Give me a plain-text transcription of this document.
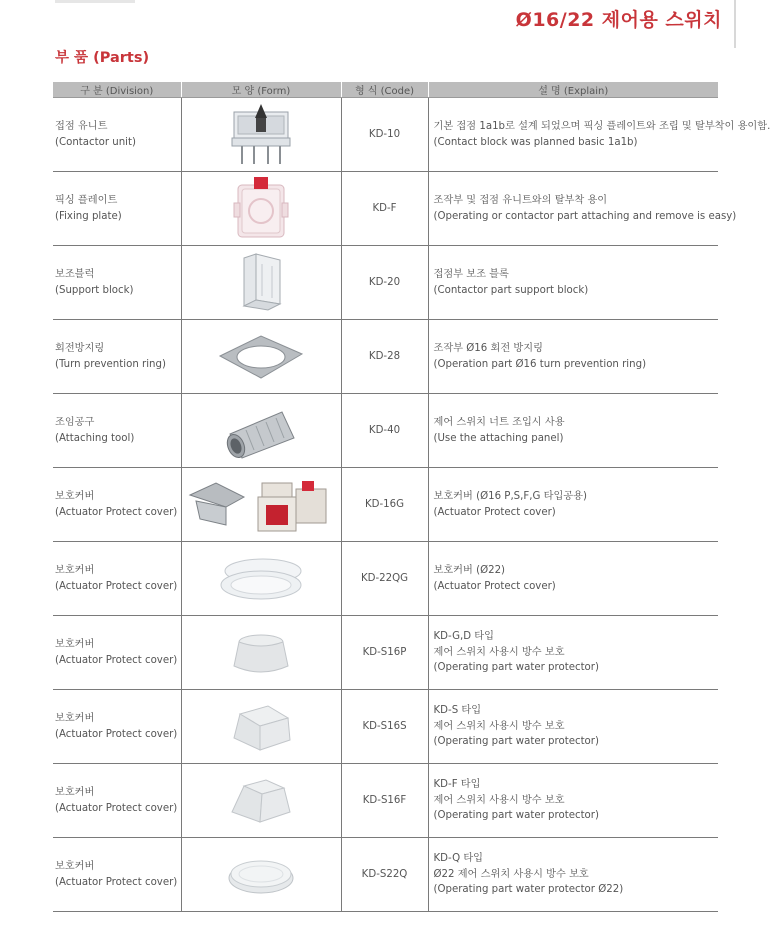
Ø16/22 제어용 스위치
부 품 (Parts)
구 분 (Division)	모 양 (Form)	형 식 (Code)	설 명 (Explain)

접점 유니트
(Contactor unit)		KD-10	기본 접점 1a1b로 설계 되었으며 픽싱 플레이트와 조립 및 탈부착이 용이함.
(Contact block was planned basic 1a1b)

픽싱 플레이트
(Fixing plate)		KD-F	조작부 및 접점 유니트와의 탈부착 용이
(Operating or contactor part attaching and remove is easy)

보조블럭
(Support block)		KD-20	접점부 보조 블록
(Contactor part support block)

회전방지링
(Turn prevention ring)		KD-28	조작부 Ø16 회전 방지링
(Operation part Ø16 turn prevention ring)

조임공구
(Attaching tool)		KD-40	제어 스위치 너트 조입시 사용
(Use the attaching panel)

보호커버
(Actuator Protect cover)		KD-16G	보호커버 (Ø16 P,S,F,G 타입공용)
(Actuator Protect cover)

보호커버
(Actuator Protect cover)		KD-22QG	보호커버 (Ø22)
(Actuator Protect cover)

보호커버
(Actuator Protect cover)		KD-S16P	KD-G,D 타입
제어 스위치 사용시 방수 보호
(Operating part water protector)

보호커버
(Actuator Protect cover)		KD-S16S	KD-S 타입
제어 스위치 사용시 방수 보호
(Operating part water protector)

보호커버
(Actuator Protect cover)		KD-S16F	KD-F 타입
제어 스위치 사용시 방수 보호
(Operating part water protector)

보호커버
(Actuator Protect cover)		KD-S22Q	KD-Q 타입
Ø22 제어 스위치 사용시 방수 보호
(Operating part water protector Ø22)
